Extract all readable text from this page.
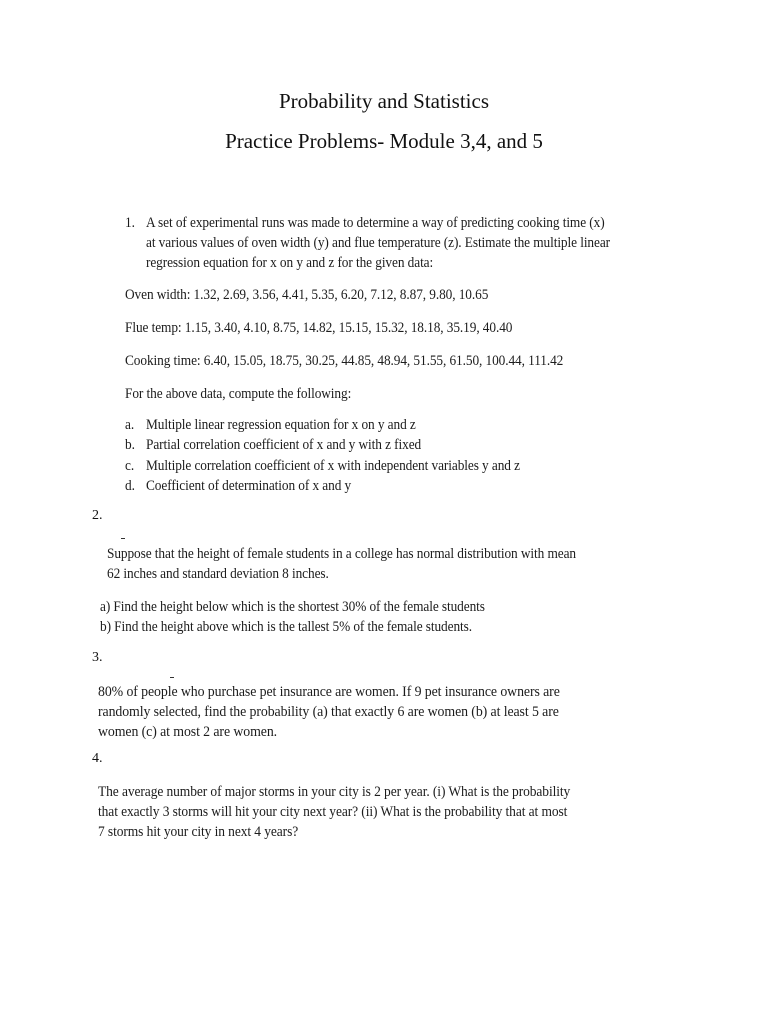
Probability and Statistics
Practice Problems- Module 3,4, and 5
1. A set of experimental runs was made to determine a way of predicting cooking time (x)

at various values of oven width (y) and flue temperature (z). Estimate the multiple linear

regression equation for x on y and z for the given data:

Oven width: 1.32, 2.69, 3.56, 4.41, 5.35, 6.20, 7.12, 8.87, 9.80, 10.65
Flue temp: 1.15, 3.40, 4.10, 8.75, 14.82, 15.15, 15.32, 18.18, 35.19, 40.40
Cooking time: 6.40, 15.05, 18.75, 30.25, 44.85, 48.94, 51.55, 61.50, 100.44, 111.42
For the above data, compute the following:
a. Multiple linear regression equation for x on y and z
b. Partial correlation coefficient of x and y with z fixed
c. Multiple correlation coefficient of x with independent variables y and z
d. Coefficient of determination of x and y
2.

Suppose that the height of female students in a college has normal distribution with mean

62 inches and standard deviation 8 inches.

a) Find the height below which is the shortest 30% of the female students

b) Find the height above which is the tallest 5% of the female students.

3.

80% of people who purchase pet insurance are women. If 9 pet insurance owners are

randomly selected, find the probability (a) that exactly 6 are women (b) at least 5 are

women (c) at most 2 are women.

4.

The average number of major storms in your city is 2 per year. (i) What is the probability

that exactly 3 storms will hit your city next year? (ii) What is the probability that at most

7 storms hit your city in next 4 years?
